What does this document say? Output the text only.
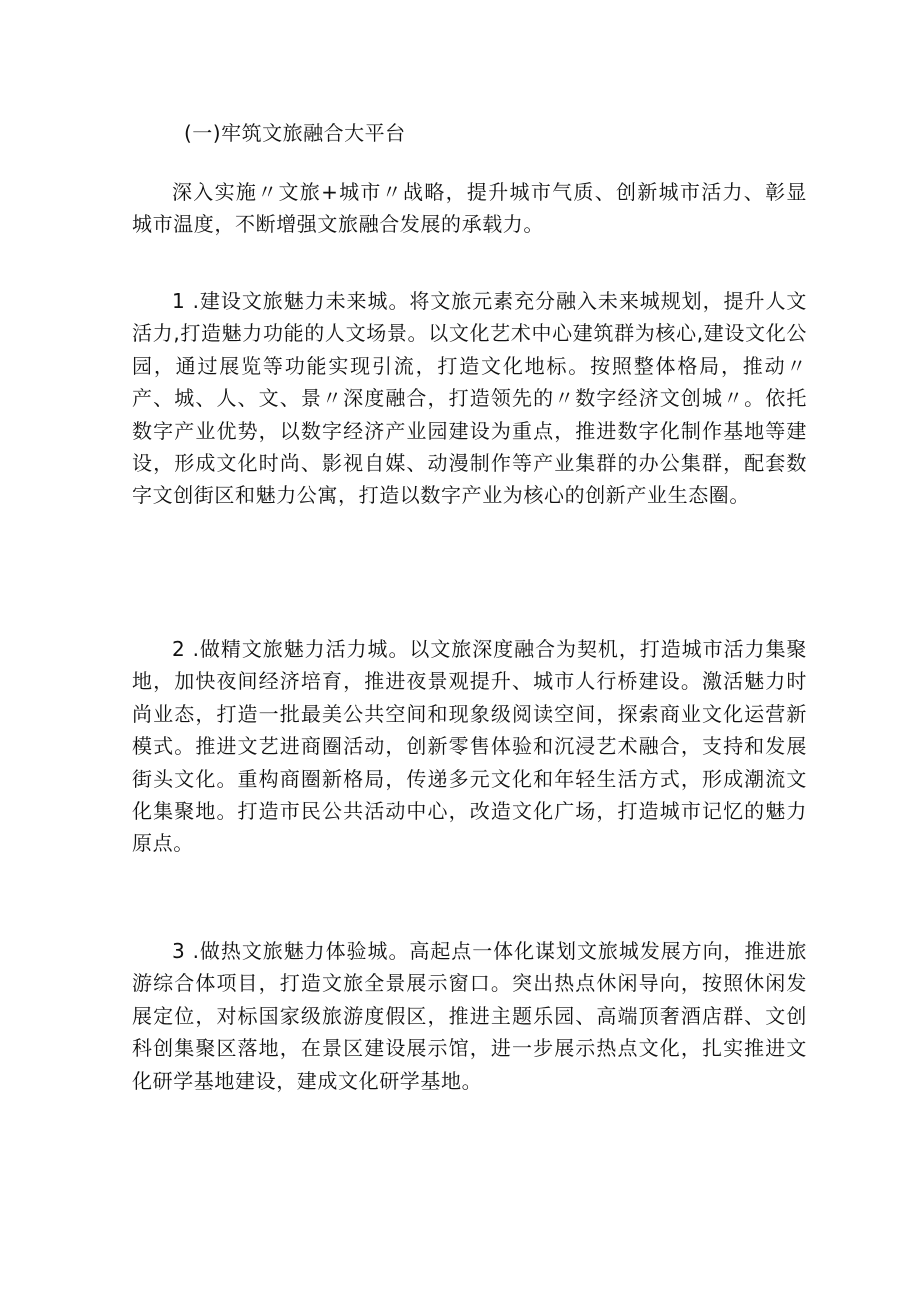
(一)牢筑文旅融合大平台

深入实施〃文旅+城市〃战略，提升城市气质、创新城市活力、彰显城市温度，不断增强文旅融合发展的承载力。

1 .建设文旅魅力未来城。将文旅元素充分融入未来城规划，提升人文活力,打造魅力功能的人文场景。以文化艺术中心建筑群为核心,建设文化公园，通过展览等功能实现引流，打造文化地标。按照整体格局，推动〃产、城、人、文、景〃深度融合，打造领先的〃数字经济文创城〃。依托数字产业优势，以数字经济产业园建设为重点，推进数字化制作基地等建设，形成文化时尚、影视自媒、动漫制作等产业集群的办公集群，配套数字文创街区和魅力公寓，打造以数字产业为核心的创新产业生态圈。

2 .做精文旅魅力活力城。以文旅深度融合为契机，打造城市活力集聚地，加快夜间经济培育，推进夜景观提升、城市人行桥建设。激活魅力时尚业态，打造一批最美公共空间和现象级阅读空间，探索商业文化运营新模式。推进文艺进商圈活动，创新零售体验和沉浸艺术融合，支持和发展街头文化。重构商圈新格局，传递多元文化和年轻生活方式，形成潮流文化集聚地。打造市民公共活动中心，改造文化广场，打造城市记忆的魅力原点。

3 .做热文旅魅力体验城。高起点一体化谋划文旅城发展方向，推进旅游综合体项目，打造文旅全景展示窗口。突出热点休闲导向，按照休闲发展定位，对标国家级旅游度假区，推进主题乐园、高端顶奢酒店群、文创科创集聚区落地，在景区建设展示馆，进一步展示热点文化，扎实推进文化研学基地建设，建成文化研学基地。
